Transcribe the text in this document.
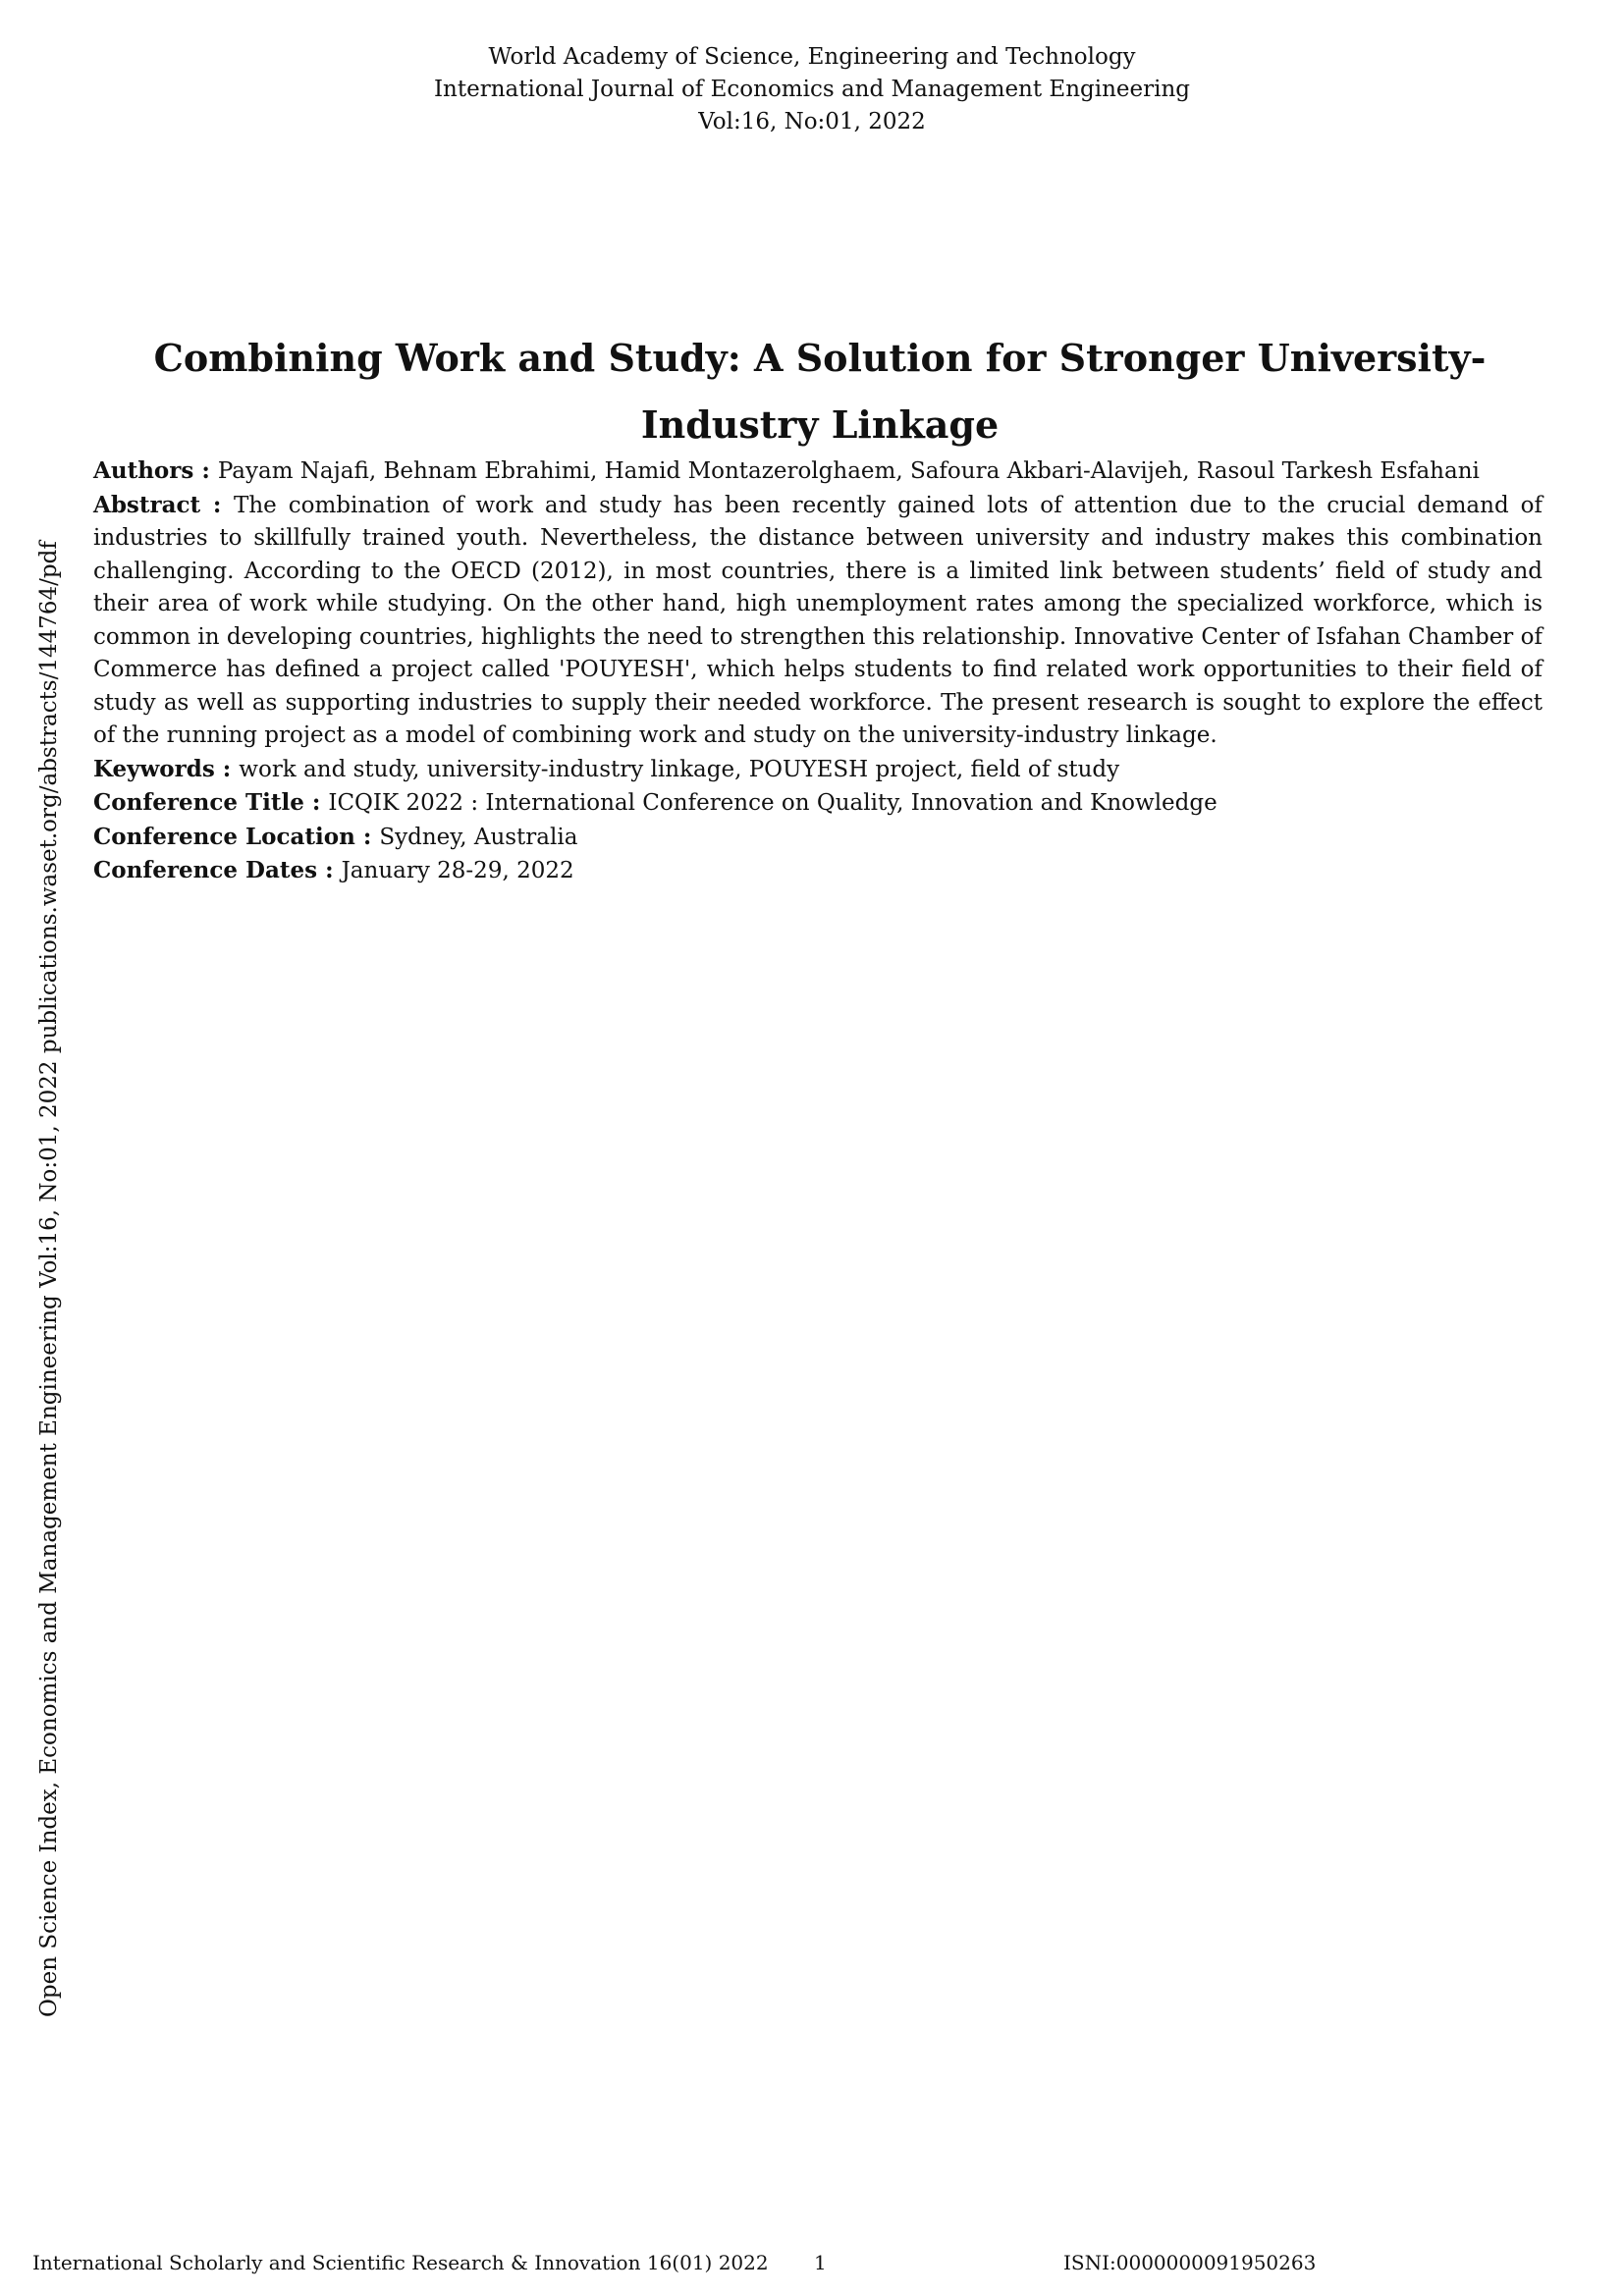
World Academy of Science, Engineering and Technology
International Journal of Economics and Management Engineering
Vol:16, No:01, 2022
Combining Work and Study: A Solution for Stronger University-Industry Linkage

Authors : Payam Najafi, Behnam Ebrahimi, Hamid Montazerolghaem, Safoura Akbari-Alavijeh, Rasoul Tarkesh Esfahani

Abstract : The combination of work and study has been recently gained lots of attention due to the crucial demand of industries to skillfully trained youth. Nevertheless, the distance between university and industry makes this combination challenging. According to the OECD (2012), in most countries, there is a limited link between students’ field of study and their area of work while studying. On the other hand, high unemployment rates among the specialized workforce, which is common in developing countries, highlights the need to strengthen this relationship. Innovative Center of Isfahan Chamber of Commerce has defined a project called 'POUYESH', which helps students to find related work opportunities to their field of study as well as supporting industries to supply their needed workforce. The present research is sought to explore the effect of the running project as a model of combining work and study on the university-industry linkage.

Keywords : work and study, university-industry linkage, POUYESH project, field of study

Conference Title : ICQIK 2022 : International Conference on Quality, Innovation and Knowledge

Conference Location : Sydney, Australia

Conference Dates : January 28-29, 2022

Open Science Index, Economics and Management Engineering Vol:16, No:01, 2022 publications.waset.org/abstracts/144764/pdf
International Scholarly and Scientific Research & Innovation 16(01) 2022 1	ISNI:0000000091950263
